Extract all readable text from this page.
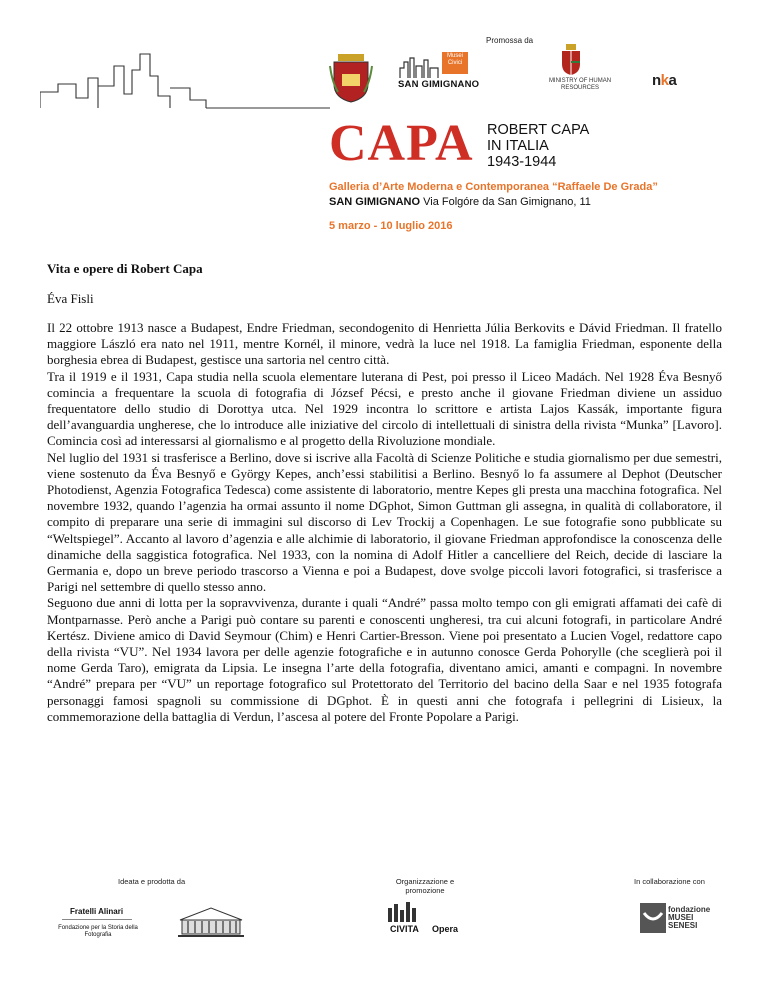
Promossa da
Musei Civici
SAN GIMIGNANO	MINISTRY OF HUMAN RESOURCES	nka
CAPA ROBERT CAPA
IN ITALIA
1943-1944
Galleria d’Arte Moderna e Contemporanea “Raffaele De Grada”
SAN GIMIGNANO Via Folgóre da San Gimignano, 11
5 marzo - 10 luglio 2016
Vita e opere di Robert Capa
Éva Fisli

Il 22 ottobre 1913 nasce a Budapest, Endre Friedman, secondogenito di Henrietta Júlia Berkovits e Dávid Friedman. Il fratello maggiore László era nato nel 1911, mentre Kornél, il minore, vedrà la luce nel 1918. La famiglia Friedman, esponente della borghesia ebrea di Budapest, gestisce una sartoria nel centro città.

Tra il 1919 e il 1931, Capa studia nella scuola elementare luterana di Pest, poi presso il Liceo Madách. Nel 1928 Éva Besnyő comincia a frequentare la scuola di fotografia di József Pécsi, e presto anche il giovane Friedman diviene un assiduo frequentatore dello studio di Dorottya utca. Nel 1929 incontra lo scrittore e artista Lajos Kassák, importante figura dell’avanguardia ungherese, che lo introduce alle iniziative del circolo di intellettuali di sinistra della rivista “Munka” [Lavoro]. Comincia così ad interessarsi al giornalismo e al progetto della Rivoluzione mondiale.

Nel luglio del 1931 si trasferisce a Berlino, dove si iscrive alla Facoltà di Scienze Politiche e studia giornalismo per due semestri, viene sostenuto da Éva Besnyő e György Kepes, anch’essi stabilitisi a Berlino. Besnyő lo fa assumere al Dephot (Deutscher Photodienst, Agenzia Fotografica Tedesca) come assistente di laboratorio, mentre Kepes gli presta una macchina fotografica. Nel novembre 1932, quando l’agenzia ha ormai assunto il nome DGphot, Simon Guttman gli assegna, in qualità di collaboratore, il compito di preparare una serie di immagini sul discorso di Lev Trockij a Copenhagen. Le sue fotografie sono pubblicate su “Weltspiegel”. Accanto al lavoro d’agenzia e alle alchimie di laboratorio, il giovane Friedman approfondisce la conoscenza delle dinamiche della saggistica fotografica. Nel 1933, con la nomina di Adolf Hitler a cancelliere del Reich, decide di lasciare la Germania e, dopo un breve periodo trascorso a Vienna e poi a Budapest, dove svolge piccoli lavori fotografici, si trasferisce a Parigi nel settembre di quello stesso anno.

Seguono due anni di lotta per la sopravvivenza, durante i quali “André” passa molto tempo con gli emigrati affamati dei cafè di Montparnasse. Però anche a Parigi può contare su parenti e conoscenti ungheresi, tra cui alcuni fotografi, in particolare André Kertész. Diviene amico di David Seymour (Chim) e Henri Cartier-Bresson. Viene poi presentato a Lucien Vogel, redattore capo della rivista “VU”. Nel 1934 lavora per delle agenzie fotografiche e in autunno conosce Gerda Pohorylle (che sceglierà poi il nome Gerda Taro), emigrata da Lipsia. Le insegna l’arte della fotografia, diventano amici, amanti e compagni. In novembre “André” prepara per “VU” un reportage fotografico sul Protettorato del Territorio del bacino della Saar e nel 1935 fotografa personaggi famosi spagnoli su commissione di DGphot. È in questi anni che fotografa i pellegrini di Lisieux, la commemorazione della battaglia di Verdun, l’ascesa al potere del Fronte Popolare a Parigi.

Ideata e prodotta da	Organizzazione e promozione
In collaborazione con
Fratelli Alinari
Fondazione per la Storia della Fotografia
CIVITA Opera
fondazione MUSEI SENESI
